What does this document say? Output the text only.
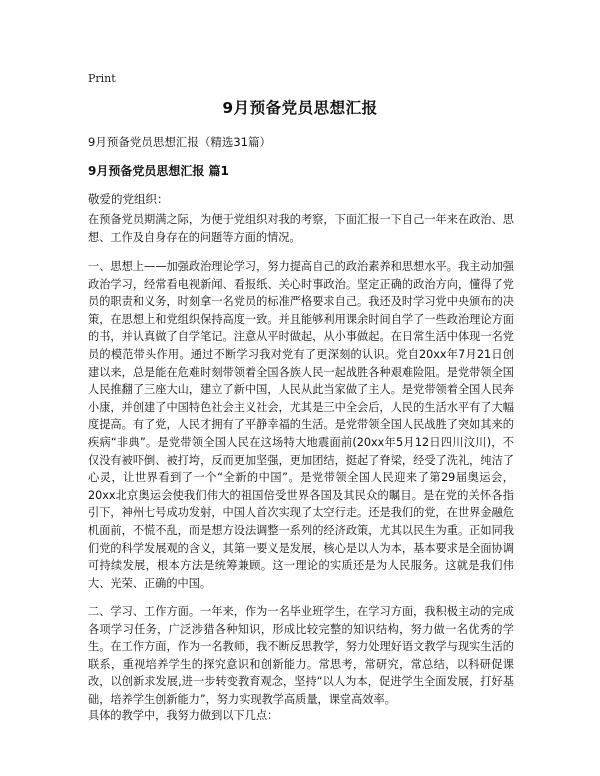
Print
9月预备党员思想汇报
9月预备党员思想汇报（精选31篇）
9月预备党员思想汇报 篇1
敬爱的党组织：
在预备党员期满之际，为便于党组织对我的考察，下面汇报一下自己一年来在政治、思想、工作及自身存在的问题等方面的情况。
一、思想上——加强政治理论学习，努力提高自己的政治素养和思想水平。我主动加强政治学习，经常看电视新闻、看报纸、关心时事政治。坚定正确的政治方向，懂得了党员的职责和义务，时刻拿一名党员的标准严格要求自己。我还及时学习党中央颁布的决策，在思想上和党组织保持高度一致。并且能够利用课余时间自学了一些政治理论方面的书，并认真做了自学笔记。注意从平时做起，从小事做起。在日常生活中体现一名党员的模范带头作用。通过不断学习我对党有了更深刻的认识。党自20xx年7月21日创建以来，总是能在危难时刻带领着全国各族人民一起战胜各种艰难险阻。是党带领全国人民推翻了三座大山，建立了新中国，人民从此当家做了主人。是党带领着全国人民奔小康，并创建了中国特色社会主义社会，尤其是三中全会后，人民的生活水平有了大幅度提高。有了党，人民才拥有了平静幸福的生活。是党带领全国人民战胜了突如其来的疾病“非典”。是党带领全国人民在这场特大地震面前(20xx年5月12日四川汶川)，不仅没有被吓倒、被打垮，反而更加坚强，更加团结，挺起了脊梁，经受了洗礼，纯洁了心灵，让世界看到了一个“全新的中国”。是党带领全国人民迎来了第29届奥运会，20xx北京奥运会使我们伟大的祖国倍受世界各国及其民众的瞩目。是在党的关怀各指引下，神州七号成功发射，中国人首次实现了太空行走。还是我们的党，在世界金融危机面前，不慌不乱，而是想方设法调整一系列的经济政策，尤其以民生为重。正如同我们党的科学发展观的含义，其第一要义是发展，核心是以人为本，基本要求是全面协调可持续发展，根本方法是统筹兼顾。这一理论的实质还是为人民服务。这就是我们伟大、光荣、正确的中国。
二、学习、工作方面。一年来，作为一名毕业班学生，在学习方面，我积极主动的完成各项学习任务，广泛涉猎各种知识，形成比较完整的知识结构，努力做一名优秀的学生。在工作方面，作为一名教师，我不断反思教学，努力处理好语文教学与现实生活的联系，重视培养学生的探究意识和创新能力。常思考，常研究，常总结，以科研促课改，以创新求发展,进一步转变教育观念，坚持“以人为本，促进学生全面发展，打好基础，培养学生创新能力”，努力实现教学高质量，课堂高效率。
具体的教学中，我努力做到以下几点：
